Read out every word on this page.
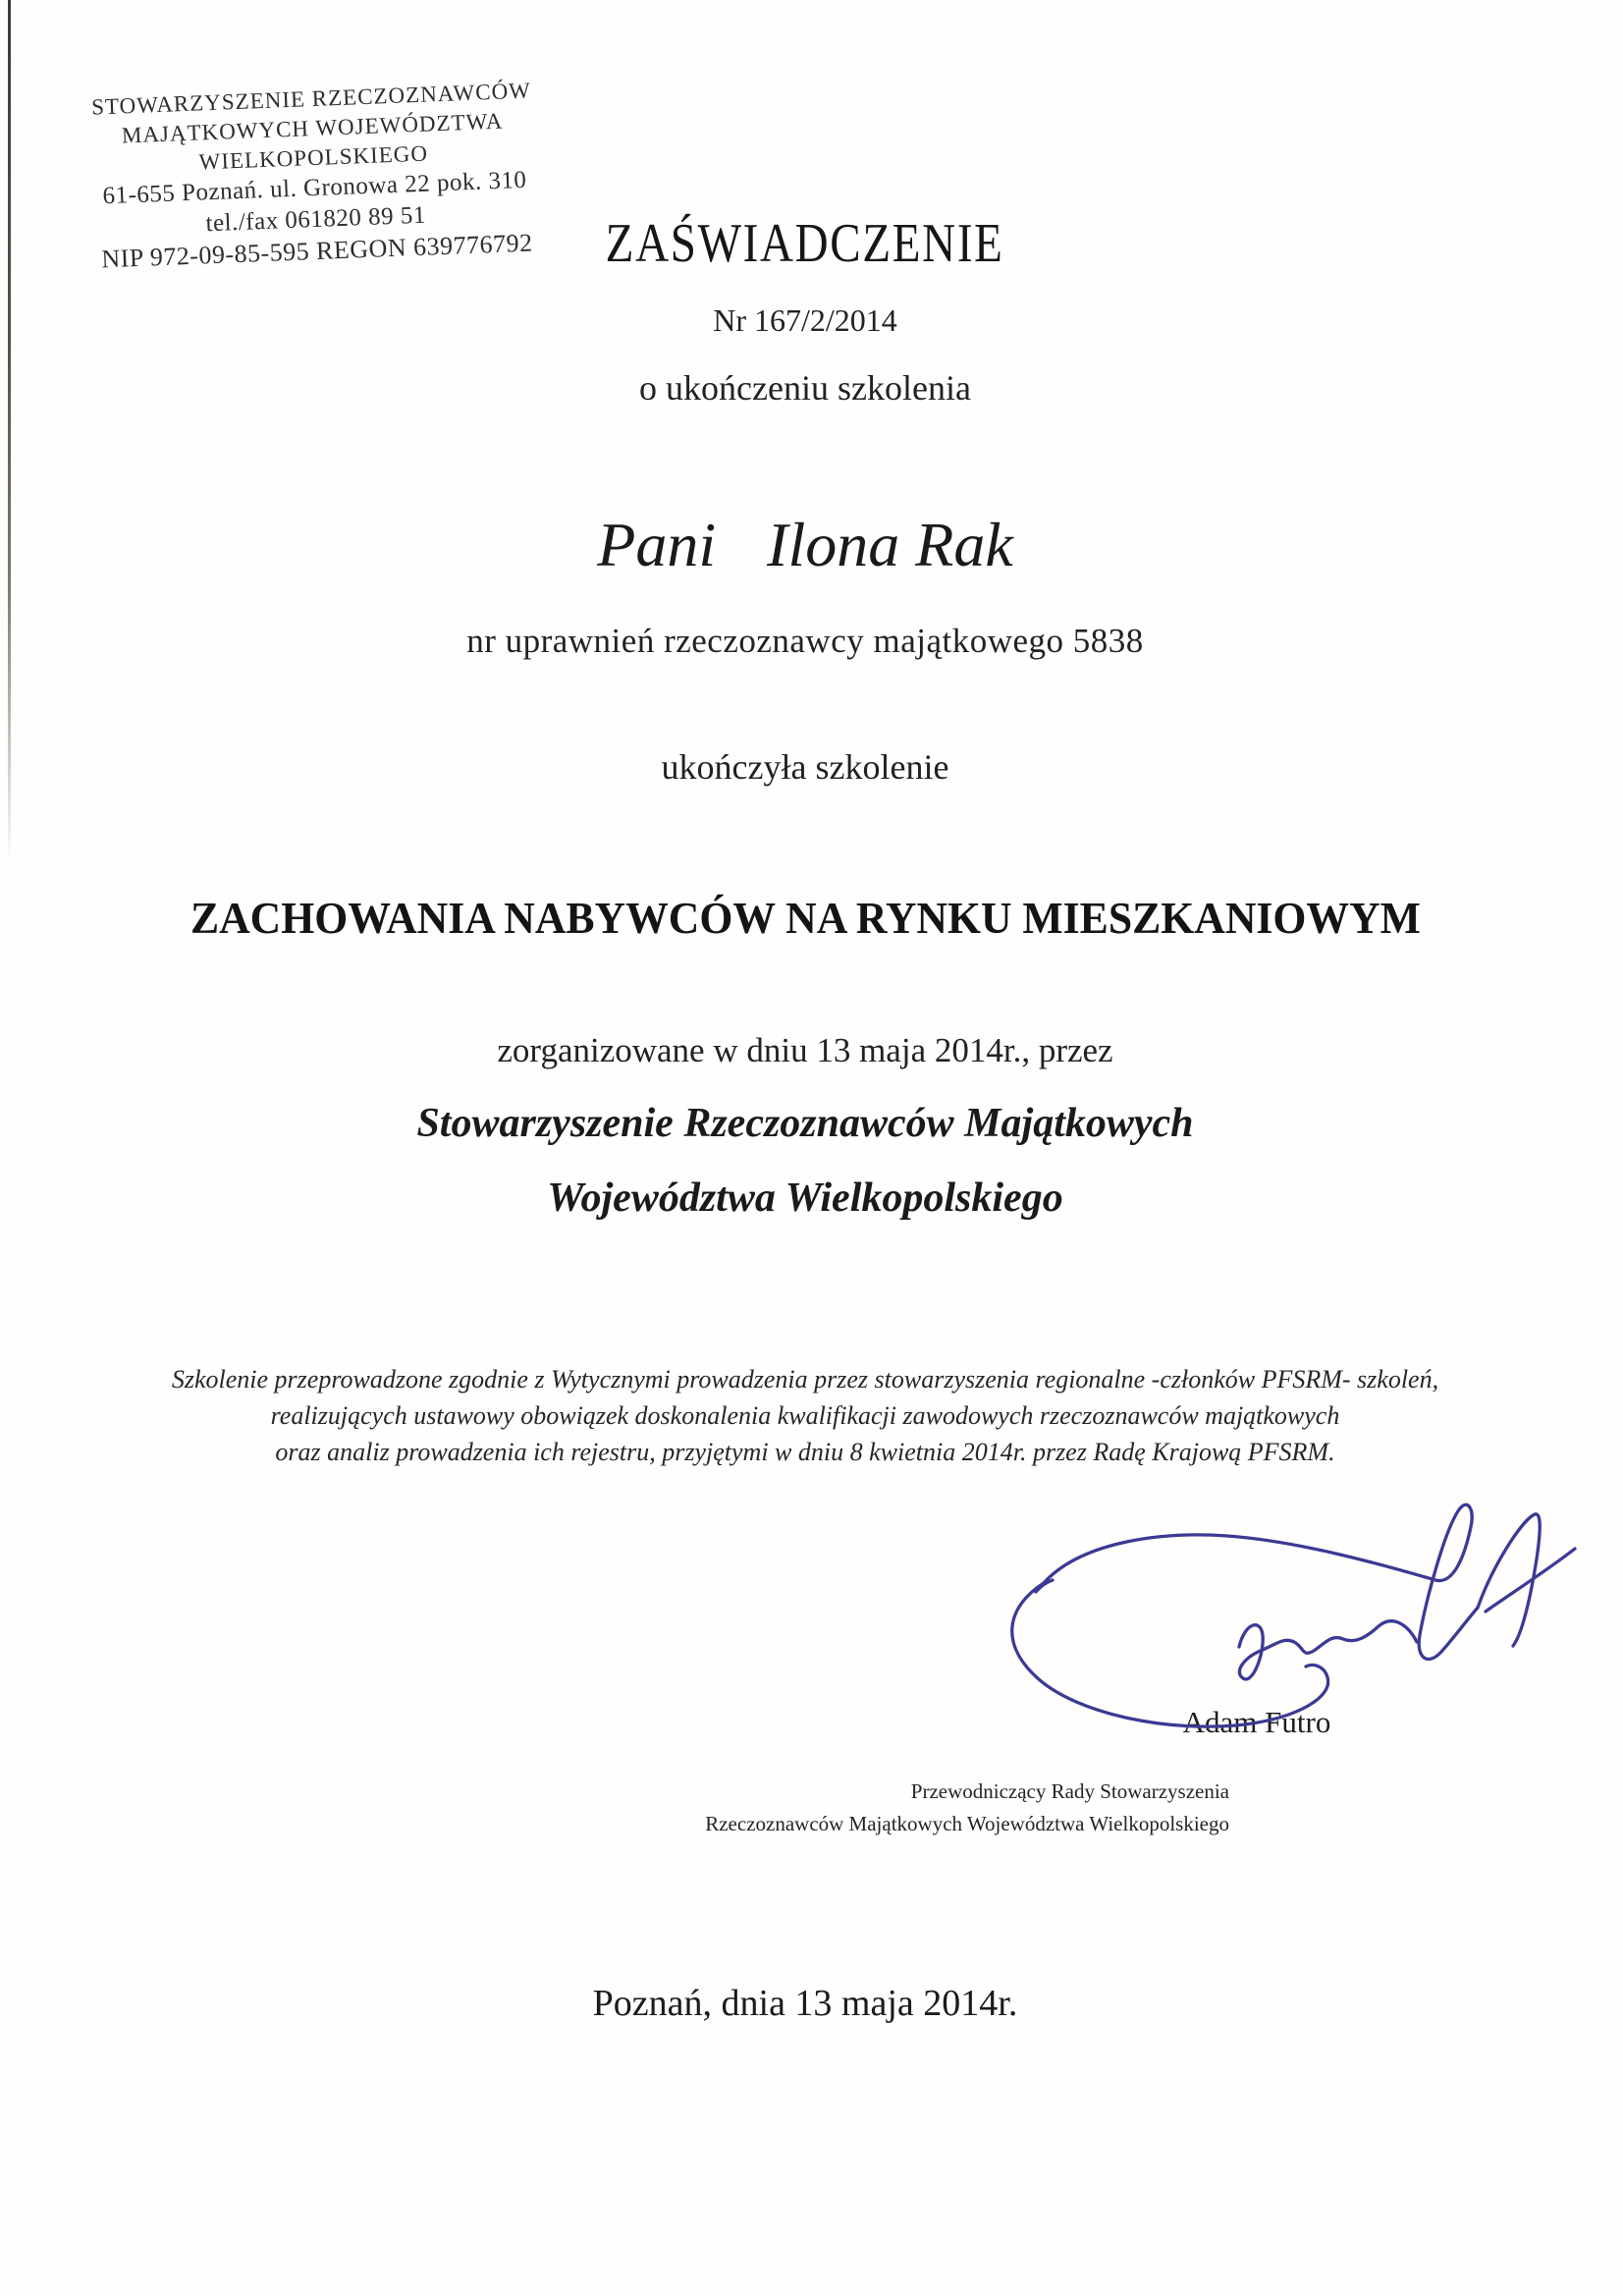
STOWARZYSZENIE RZECZOZNAWCÓW
MAJĄTKOWYCH WOJEWÓDZTWA
WIELKOPOLSKIEGO
61-655 Poznań. ul. Gronowa 22 pok. 310
tel./fax 061820 89 51
NIP 972-09-85-595 REGON 639776792	ZAŚWIADCZENIE
Nr 167/2/2014
o ukończeniu szkolenia
Pani Ilona Rak
nr uprawnień rzeczoznawcy majątkowego 5838
ukończyła szkolenie
ZACHOWANIA NABYWCÓW NA RYNKU MIESZKANIOWYM
zorganizowane w dniu 13 maja 2014r., przez
Stowarzyszenie Rzeczoznawców Majątkowych
Województwa Wielkopolskiego
Szkolenie przeprowadzone zgodnie z Wytycznymi prowadzenia przez stowarzyszenia regionalne -członków PFSRM- szkoleń,
realizujących ustawowy obowiązek doskonalenia kwalifikacji zawodowych rzeczoznawców majątkowych
oraz analiz prowadzenia ich rejestru, przyjętymi w dniu 8 kwietnia 2014r. przez Radę Krajową PFSRM.
Adam Futro
Przewodniczący Rady Stowarzyszenia
Rzeczoznawców Majątkowych Województwa Wielkopolskiego
Poznań, dnia 13 maja 2014r.
